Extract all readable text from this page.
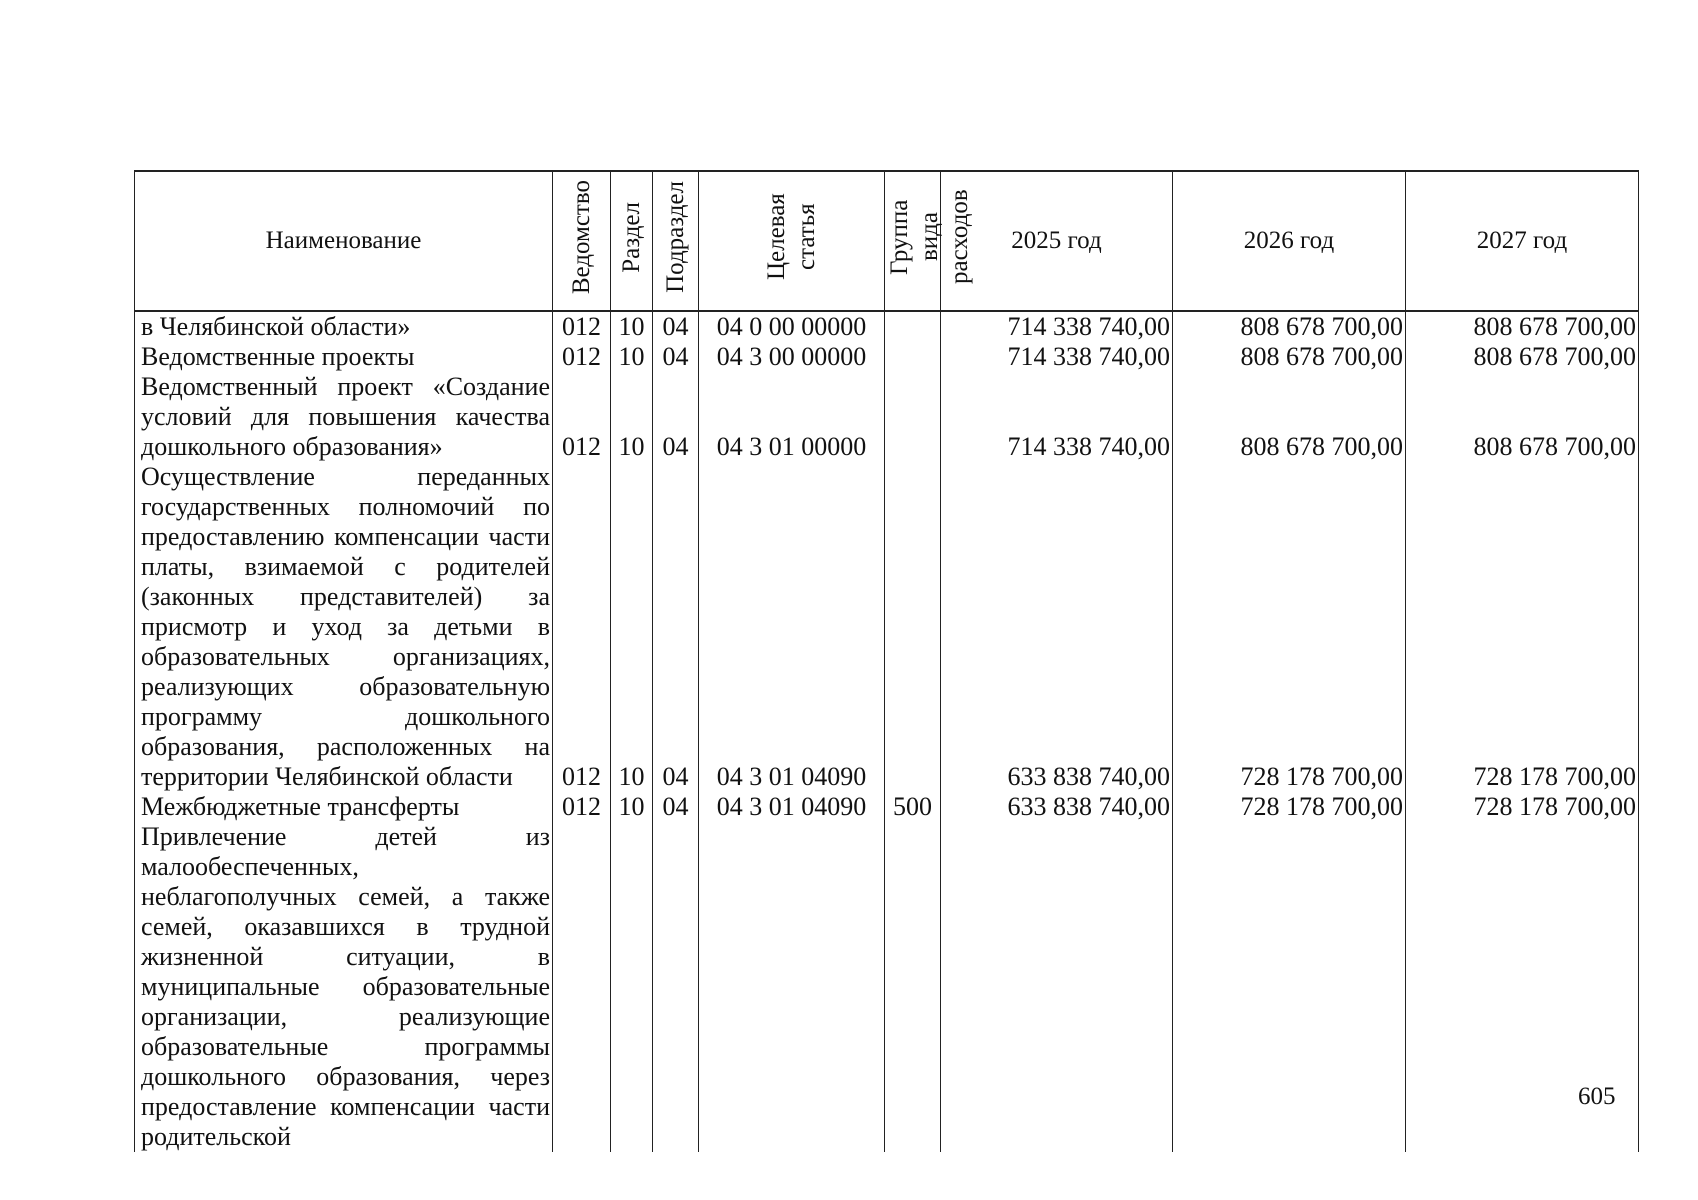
Наименование	Ведомство	Раздел	Подраздел	Целевая статья	Группа вида расходов	2025 год	2026 год	2027 год
в Челябинской области»	012	10	04	04 0 00 00000		714 338 740,00	808 678 700,00	808 678 700,00
Ведомственные проекты	012	10	04	04 3 00 00000		714 338 740,00	808 678 700,00	808 678 700,00
Ведомственный проект «Создание условий для повышения качества дошкольного образования»	012	10	04	04 3 01 00000		714 338 740,00	808 678 700,00	808 678 700,00
Осуществление переданных государственных полномочий по предоставлению компенсации части платы, взимаемой с родителей (законных представителей) за присмотр и уход за детьми в образовательных организациях, реализующих образовательную программу дошкольного образования, расположенных на территории Челябинской области	012	10	04	04 3 01 04090		633 838 740,00	728 178 700,00	728 178 700,00
Межбюджетные трансферты	012	10	04	04 3 01 04090	500	633 838 740,00	728 178 700,00	728 178 700,00
Привлечение детей из малообеспеченных, неблагополучных семей, а также семей, оказавшихся в трудной жизненной ситуации, в муниципальные образовательные организации, реализующие образовательные программы дошкольного образования, через предоставление компенсации части родительской								
605
